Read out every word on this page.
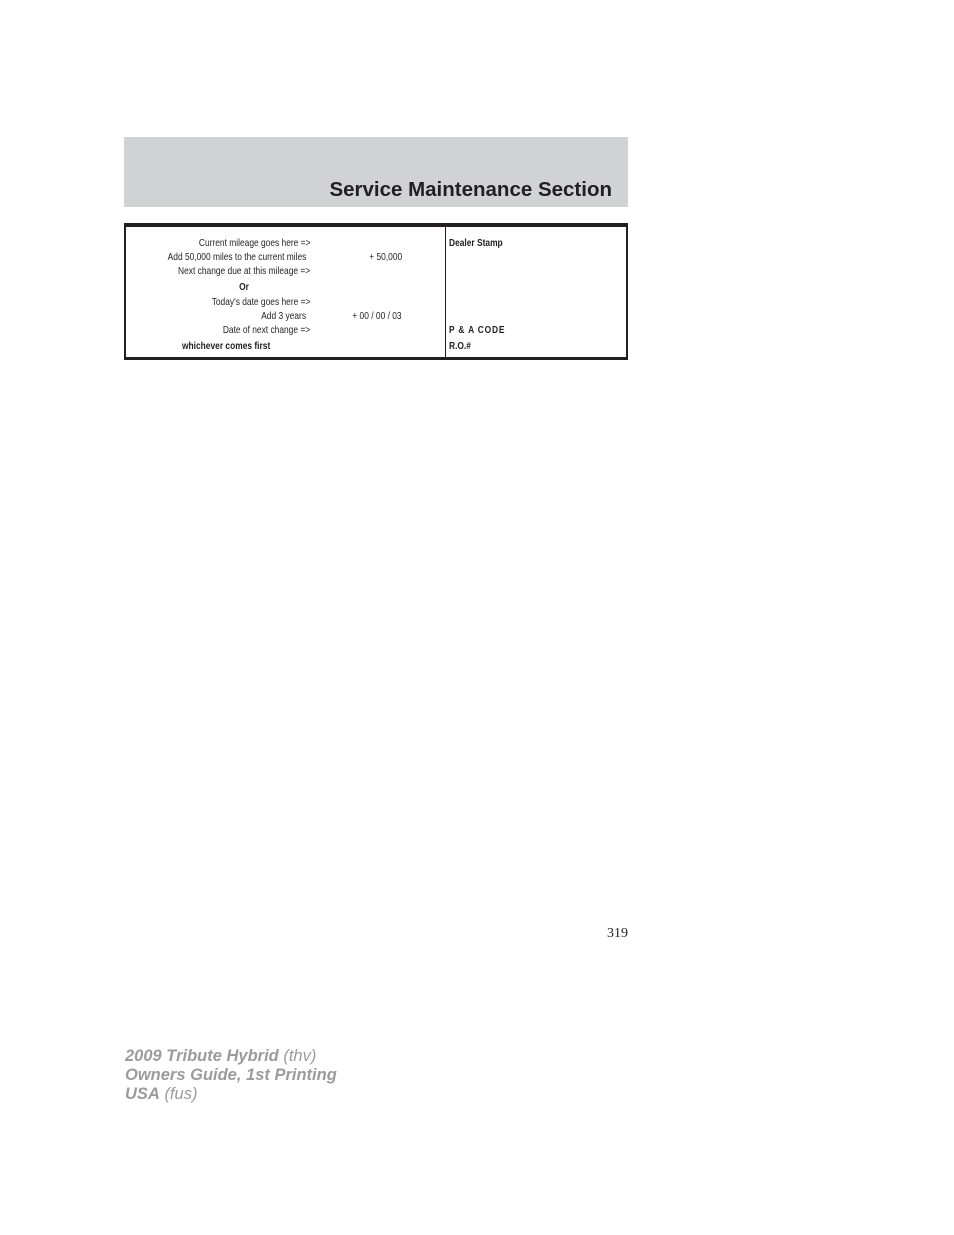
Service Maintenance Section
Current mileage goes here =>
Add 50,000 miles to the current miles	+ 50,000
Next change due at this mileage =>
Or
Today's date goes here =>
Add 3 years	+ 00 / 00 / 03
Date of next change =>
whichever comes first
Dealer Stamp
P & A CODE
R.O.#
319
2009 Tribute Hybrid (thv)
Owners Guide, 1st Printing
USA (fus)
